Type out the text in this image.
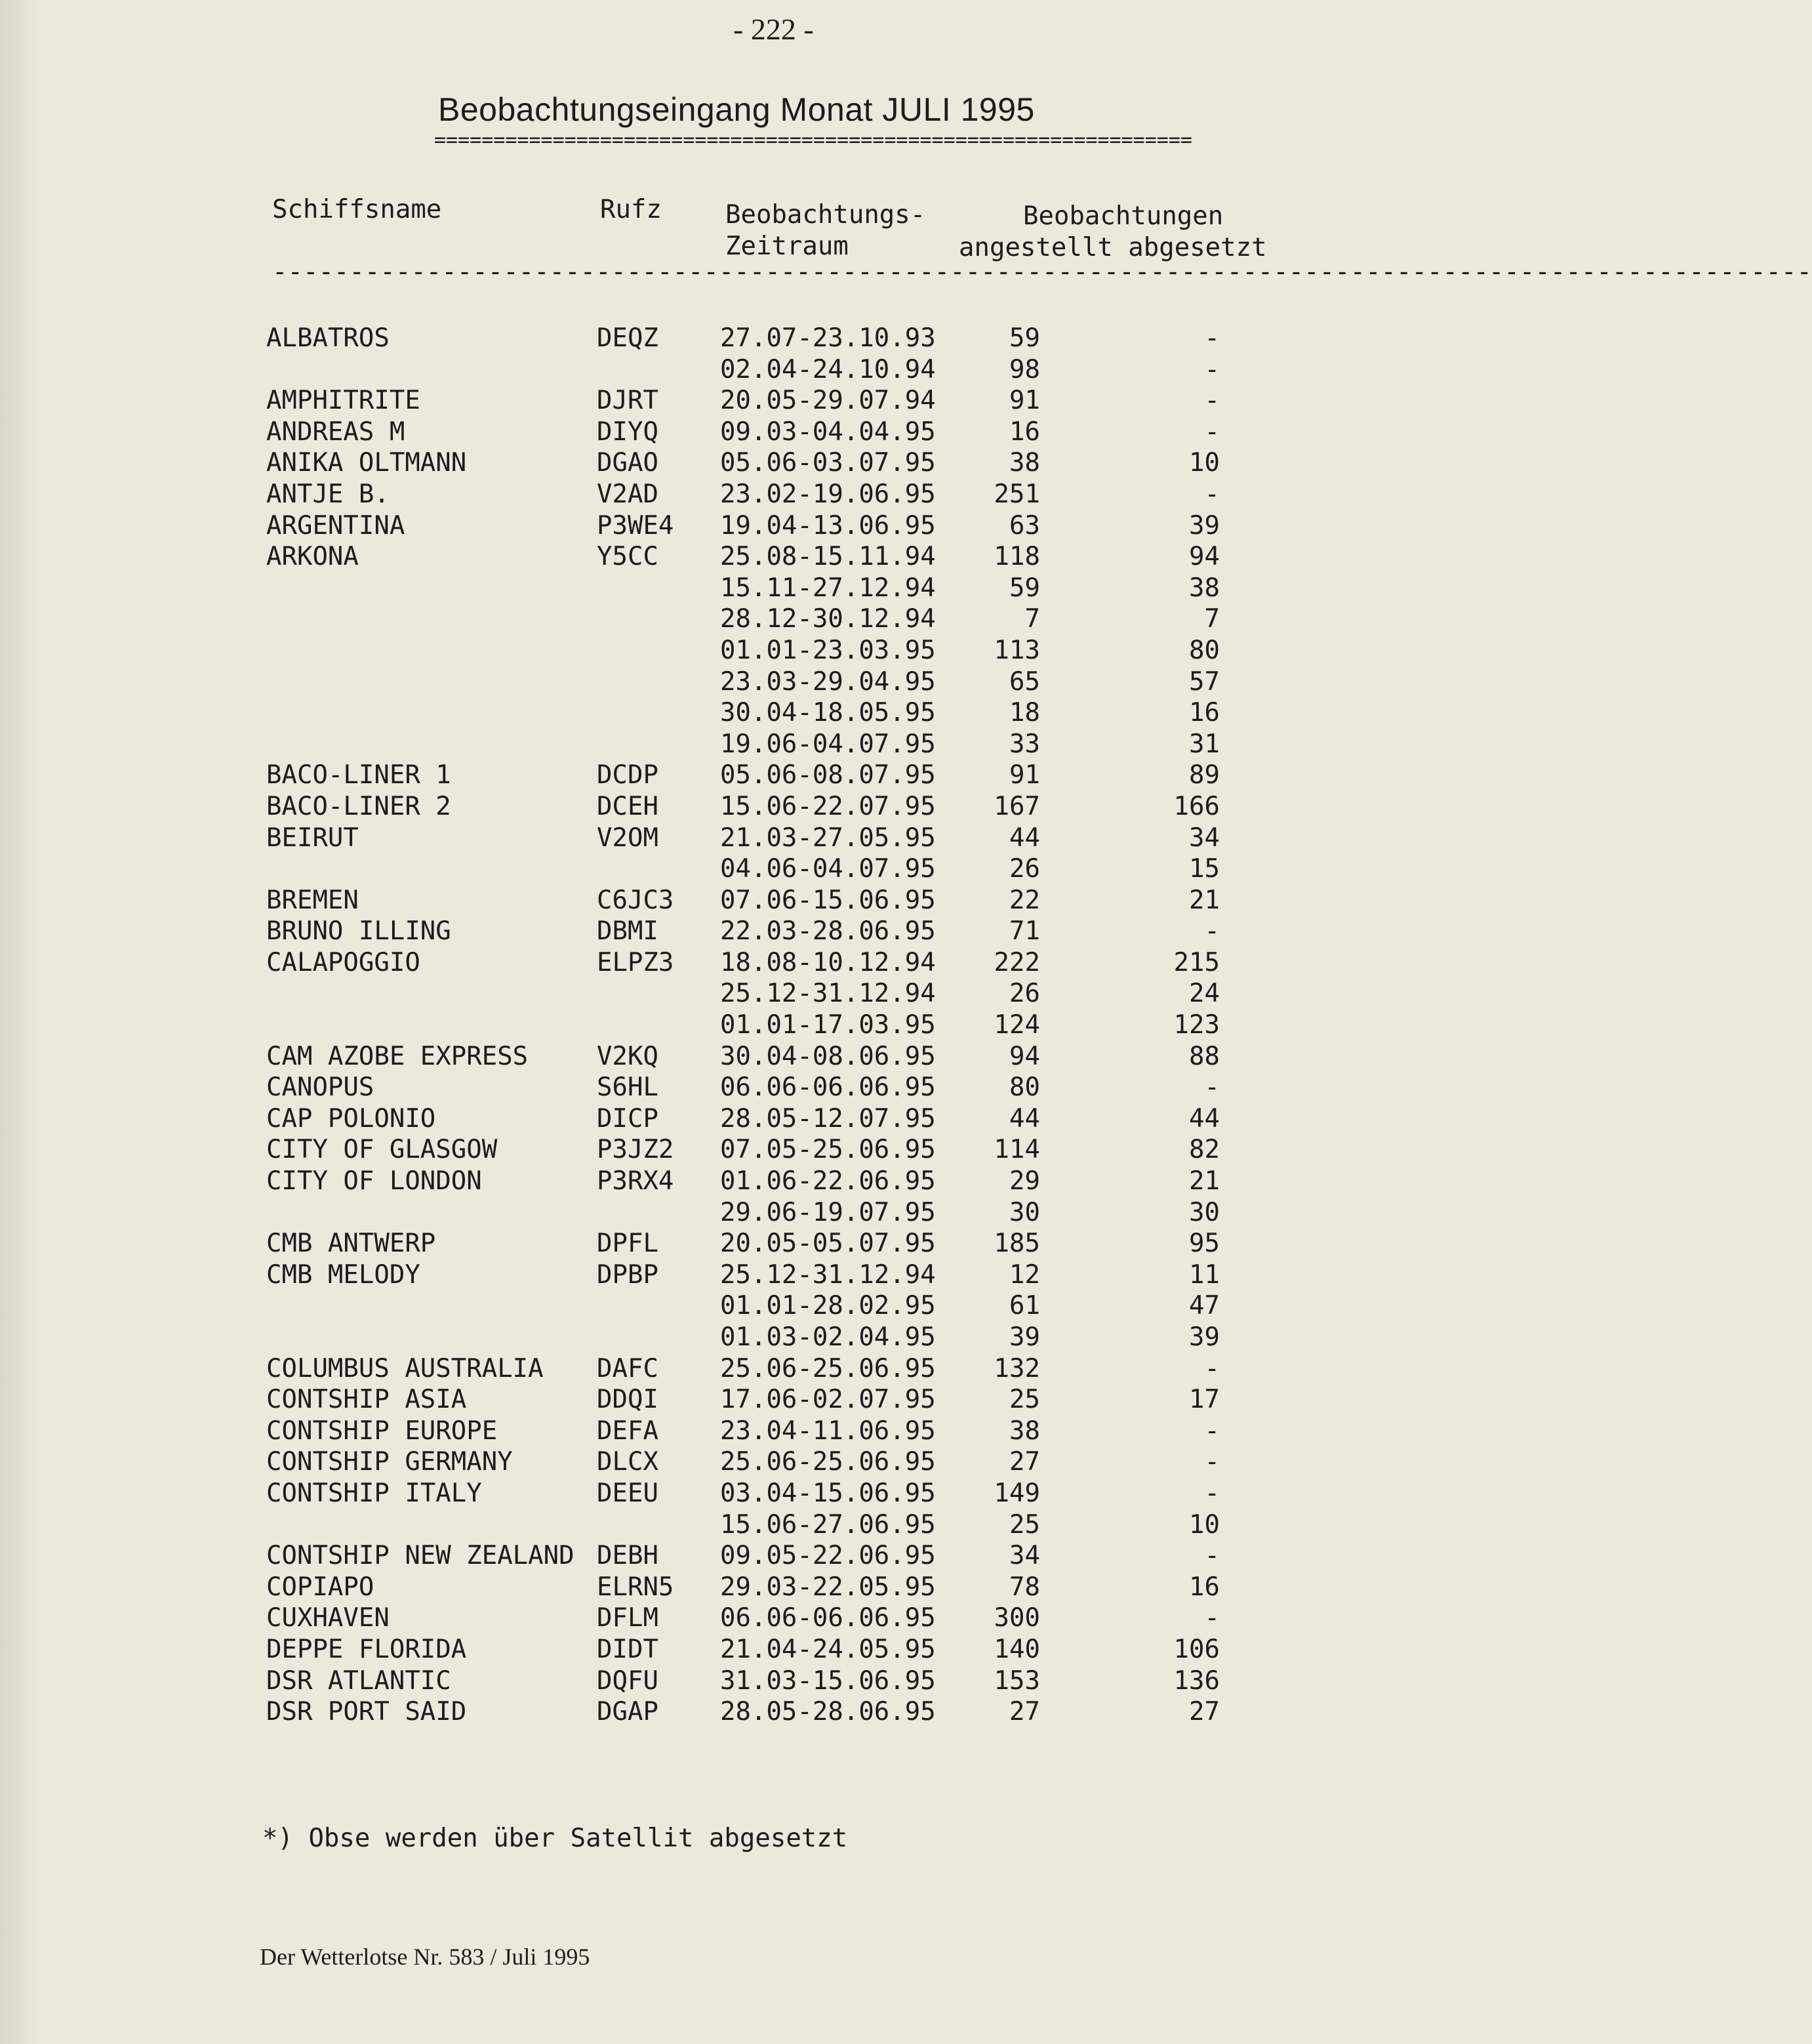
- 222 -
Beobachtungseingang Monat JULI 1995
================================================================
Schiffsname	Rufz Beobachtungs-
Zeitraum
Beobachtungen
angestellt abgesetzt
----------------------------------------------------------------------------------------------------
ALBATROS	DEQZ 27.07-23.10.93	59	-
02.04-24.10.94	98	-
AMPHITRITE	DJRT 20.05-29.07.94	91	-
ANDREAS M	DIYQ 09.03-04.04.95	16	-
ANIKA OLTMANN	DGAO 05.06-03.07.95	38	10
ANTJE B.	V2AD 23.02-19.06.95	251	-
ARGENTINA	P3WE4 19.04-13.06.95	63	39
ARKONA	Y5CC 25.08-15.11.94	118	94
15.11-27.12.94	59	38
28.12-30.12.94	7	7
01.01-23.03.95	113	80
23.03-29.04.95	65	57
30.04-18.05.95	18	16
19.06-04.07.95	33	31
BACO-LINER 1	DCDP 05.06-08.07.95	91	89
BACO-LINER 2	DCEH 15.06-22.07.95	167	166
BEIRUT	V2OM 21.03-27.05.95	44	34
04.06-04.07.95	26	15
BREMEN	C6JC3 07.06-15.06.95	22	21
BRUNO ILLING	DBMI 22.03-28.06.95	71	-
CALAPOGGIO	ELPZ3 18.08-10.12.94	222	215
25.12-31.12.94	26	24
01.01-17.03.95	124	123
CAM AZOBE EXPRESS	V2KQ 30.04-08.06.95	94	88
CANOPUS	S6HL 06.06-06.06.95	80	-
CAP POLONIO	DICP 28.05-12.07.95	44	44
CITY OF GLASGOW	P3JZ2 07.05-25.06.95	114	82
CITY OF LONDON	P3RX4 01.06-22.06.95	29	21
29.06-19.07.95	30	30
CMB ANTWERP	DPFL 20.05-05.07.95	185	95
CMB MELODY	DPBP 25.12-31.12.94	12	11
01.01-28.02.95	61	47
01.03-02.04.95	39	39
COLUMBUS AUSTRALIA DAFC 25.06-25.06.95	132	-
CONTSHIP ASIA	DDQI 17.06-02.07.95	25	17
CONTSHIP EUROPE	DEFA 23.04-11.06.95	38	-
CONTSHIP GERMANY	DLCX 25.06-25.06.95	27	-
CONTSHIP ITALY	DEEU 03.04-15.06.95	149	-
15.06-27.06.95	25	10
CONTSHIP NEW ZEALAND DEBH 09.05-22.06.95	34	-
COPIAPO	ELRN5 29.03-22.05.95	78	16
CUXHAVEN	DFLM 06.06-06.06.95	300	-
DEPPE FLORIDA	DIDT 21.04-24.05.95	140	106
DSR ATLANTIC	DQFU 31.03-15.06.95	153	136
DSR PORT SAID	DGAP 28.05-28.06.95	27	27
*) Obse werden über Satellit abgesetzt
Der Wetterlotse Nr. 583 / Juli 1995
